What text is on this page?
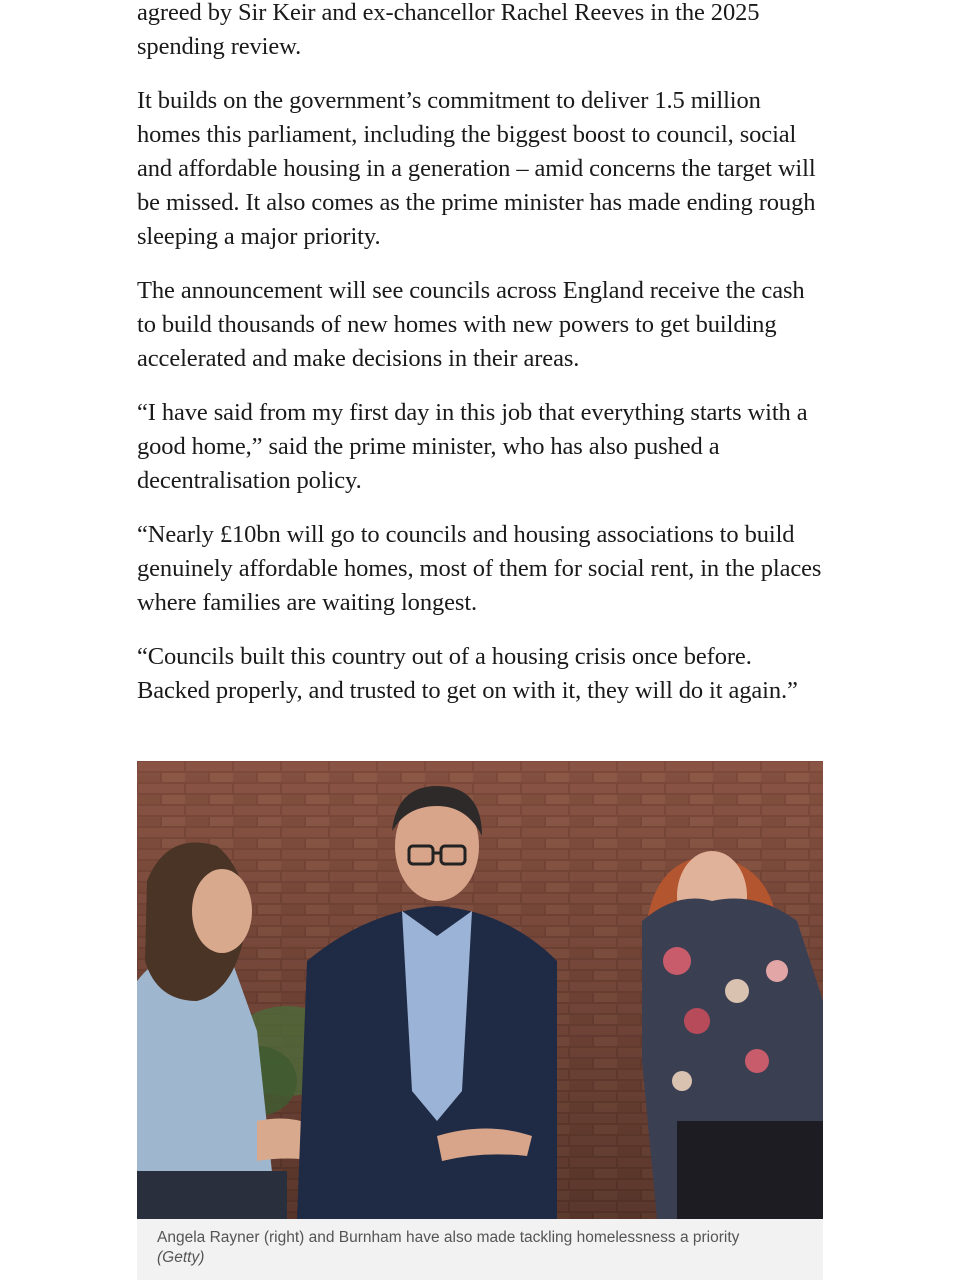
agreed by Sir Keir and ex-chancellor Rachel Reeves in the 2025 spending review.

It builds on the government’s commitment to deliver 1.5 million homes this parliament, including the biggest boost to council, social and affordable housing in a generation – amid concerns the target will be missed. It also comes as the prime minister has made ending rough sleeping a major priority.

The announcement will see councils across England receive the cash to build thousands of new homes with new powers to get building accelerated and make decisions in their areas.

“I have said from my first day in this job that everything starts with a good home,” said the prime minister, who has also pushed a decentralisation policy.

“Nearly £10bn will go to councils and housing associations to build genuinely affordable homes, most of them for social rent, in the places where families are waiting longest.

“Councils built this country out of a housing crisis once before. Backed properly, and trusted to get on with it, they will do it again.”

Angela Rayner (right) and Burnham have also made tackling homelessness a priority
(Getty)
